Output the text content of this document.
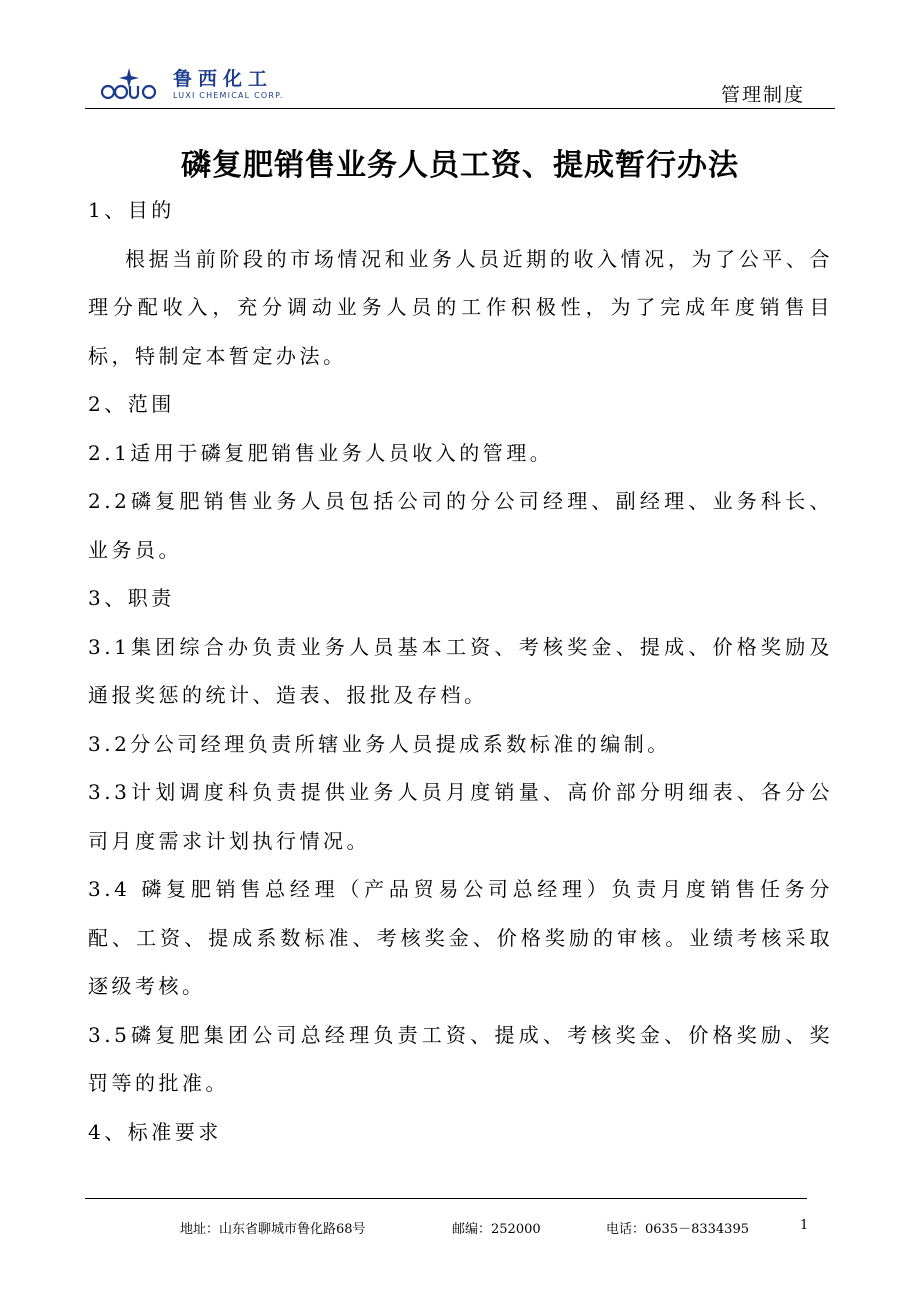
鲁西化工
LUXI CHEMICAL CORP.	管理制度
磷复肥销售业务人员工资、提成暂行办法

1、目的

根据当前阶段的市场情况和业务人员近期的收入情况，为了公平、合理分配收入，充分调动业务人员的工作积极性，为了完成年度销售目标，特制定本暂定办法。

2、范围

2.1适用于磷复肥销售业务人员收入的管理。

2.2磷复肥销售业务人员包括公司的分公司经理、副经理、业务科长、业务员。

3、职责

3.1集团综合办负责业务人员基本工资、考核奖金、提成、价格奖励及通报奖惩的统计、造表、报批及存档。

3.2分公司经理负责所辖业务人员提成系数标准的编制。

3.3计划调度科负责提供业务人员月度销量、高价部分明细表、各分公司月度需求计划执行情况。

3.4 磷复肥销售总经理（产品贸易公司总经理）负责月度销售任务分配、工资、提成系数标准、考核奖金、价格奖励的审核。业绩考核采取逐级考核。

3.5磷复肥集团公司总经理负责工资、提成、考核奖金、价格奖励、奖罚等的批准。

4、标准要求

地址：山东省聊城市鲁化路68号	邮编：252000	电话：0635－8334395	1
